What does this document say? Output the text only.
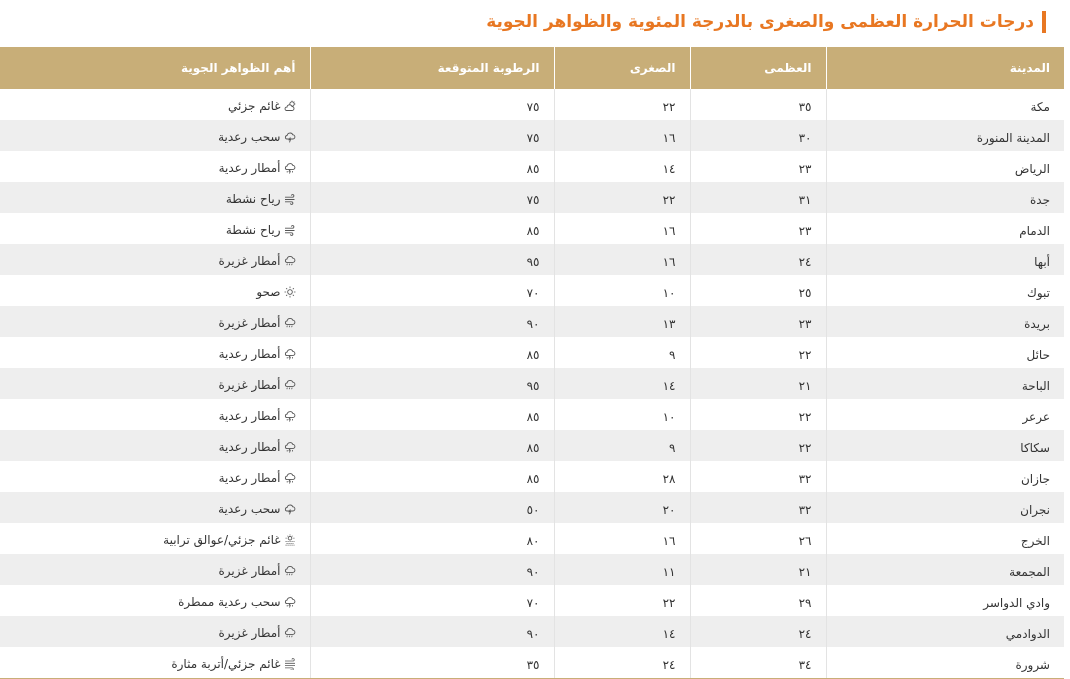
درجات الحرارة العظمى والصغرى بالدرجة المئوية والظواهر الجوية
المدينة	العظمى	الصغرى	الرطوبة المتوقعة	أهم الظواهر الجوية
مكة	٣٥	٢٢	٧٥	غائم جزئي

المدينة المنورة	٣٠	١٦	٧٥	سحب رعدية

الرياض	٢٣	١٤	٨٥	أمطار رعدية

جدة	٣١	٢٢	٧٥	رياح نشطة

الدمام	٢٣	١٦	٨٥	رياح نشطة

أبها	٢٤	١٦	٩٥	أمطار غزيرة

تبوك	٢٥	١٠	٧٠	صحو

بريدة	٢٣	١٣	٩٠	أمطار غزيرة

حائل	٢٢	٩	٨٥	أمطار رعدية

الباحة	٢١	١٤	٩٥	أمطار غزيرة

عرعر	٢٢	١٠	٨٥	أمطار رعدية

سكاكا	٢٢	٩	٨٥	أمطار رعدية

جازان	٣٢	٢٨	٨٥	أمطار رعدية

نجران	٣٢	٢٠	٥٠	سحب رعدية

الخرج	٢٦	١٦	٨٠	غائم جزئي/عوالق ترابية

المجمعة	٢١	١١	٩٠	أمطار غزيرة

وادي الدواسر	٢٩	٢٢	٧٠	سحب رعدية ممطرة

الدوادمي	٢٤	١٤	٩٠	أمطار غزيرة

شرورة	٣٤	٢٤	٣٥	غائم جزئي/أتربة مثارة
